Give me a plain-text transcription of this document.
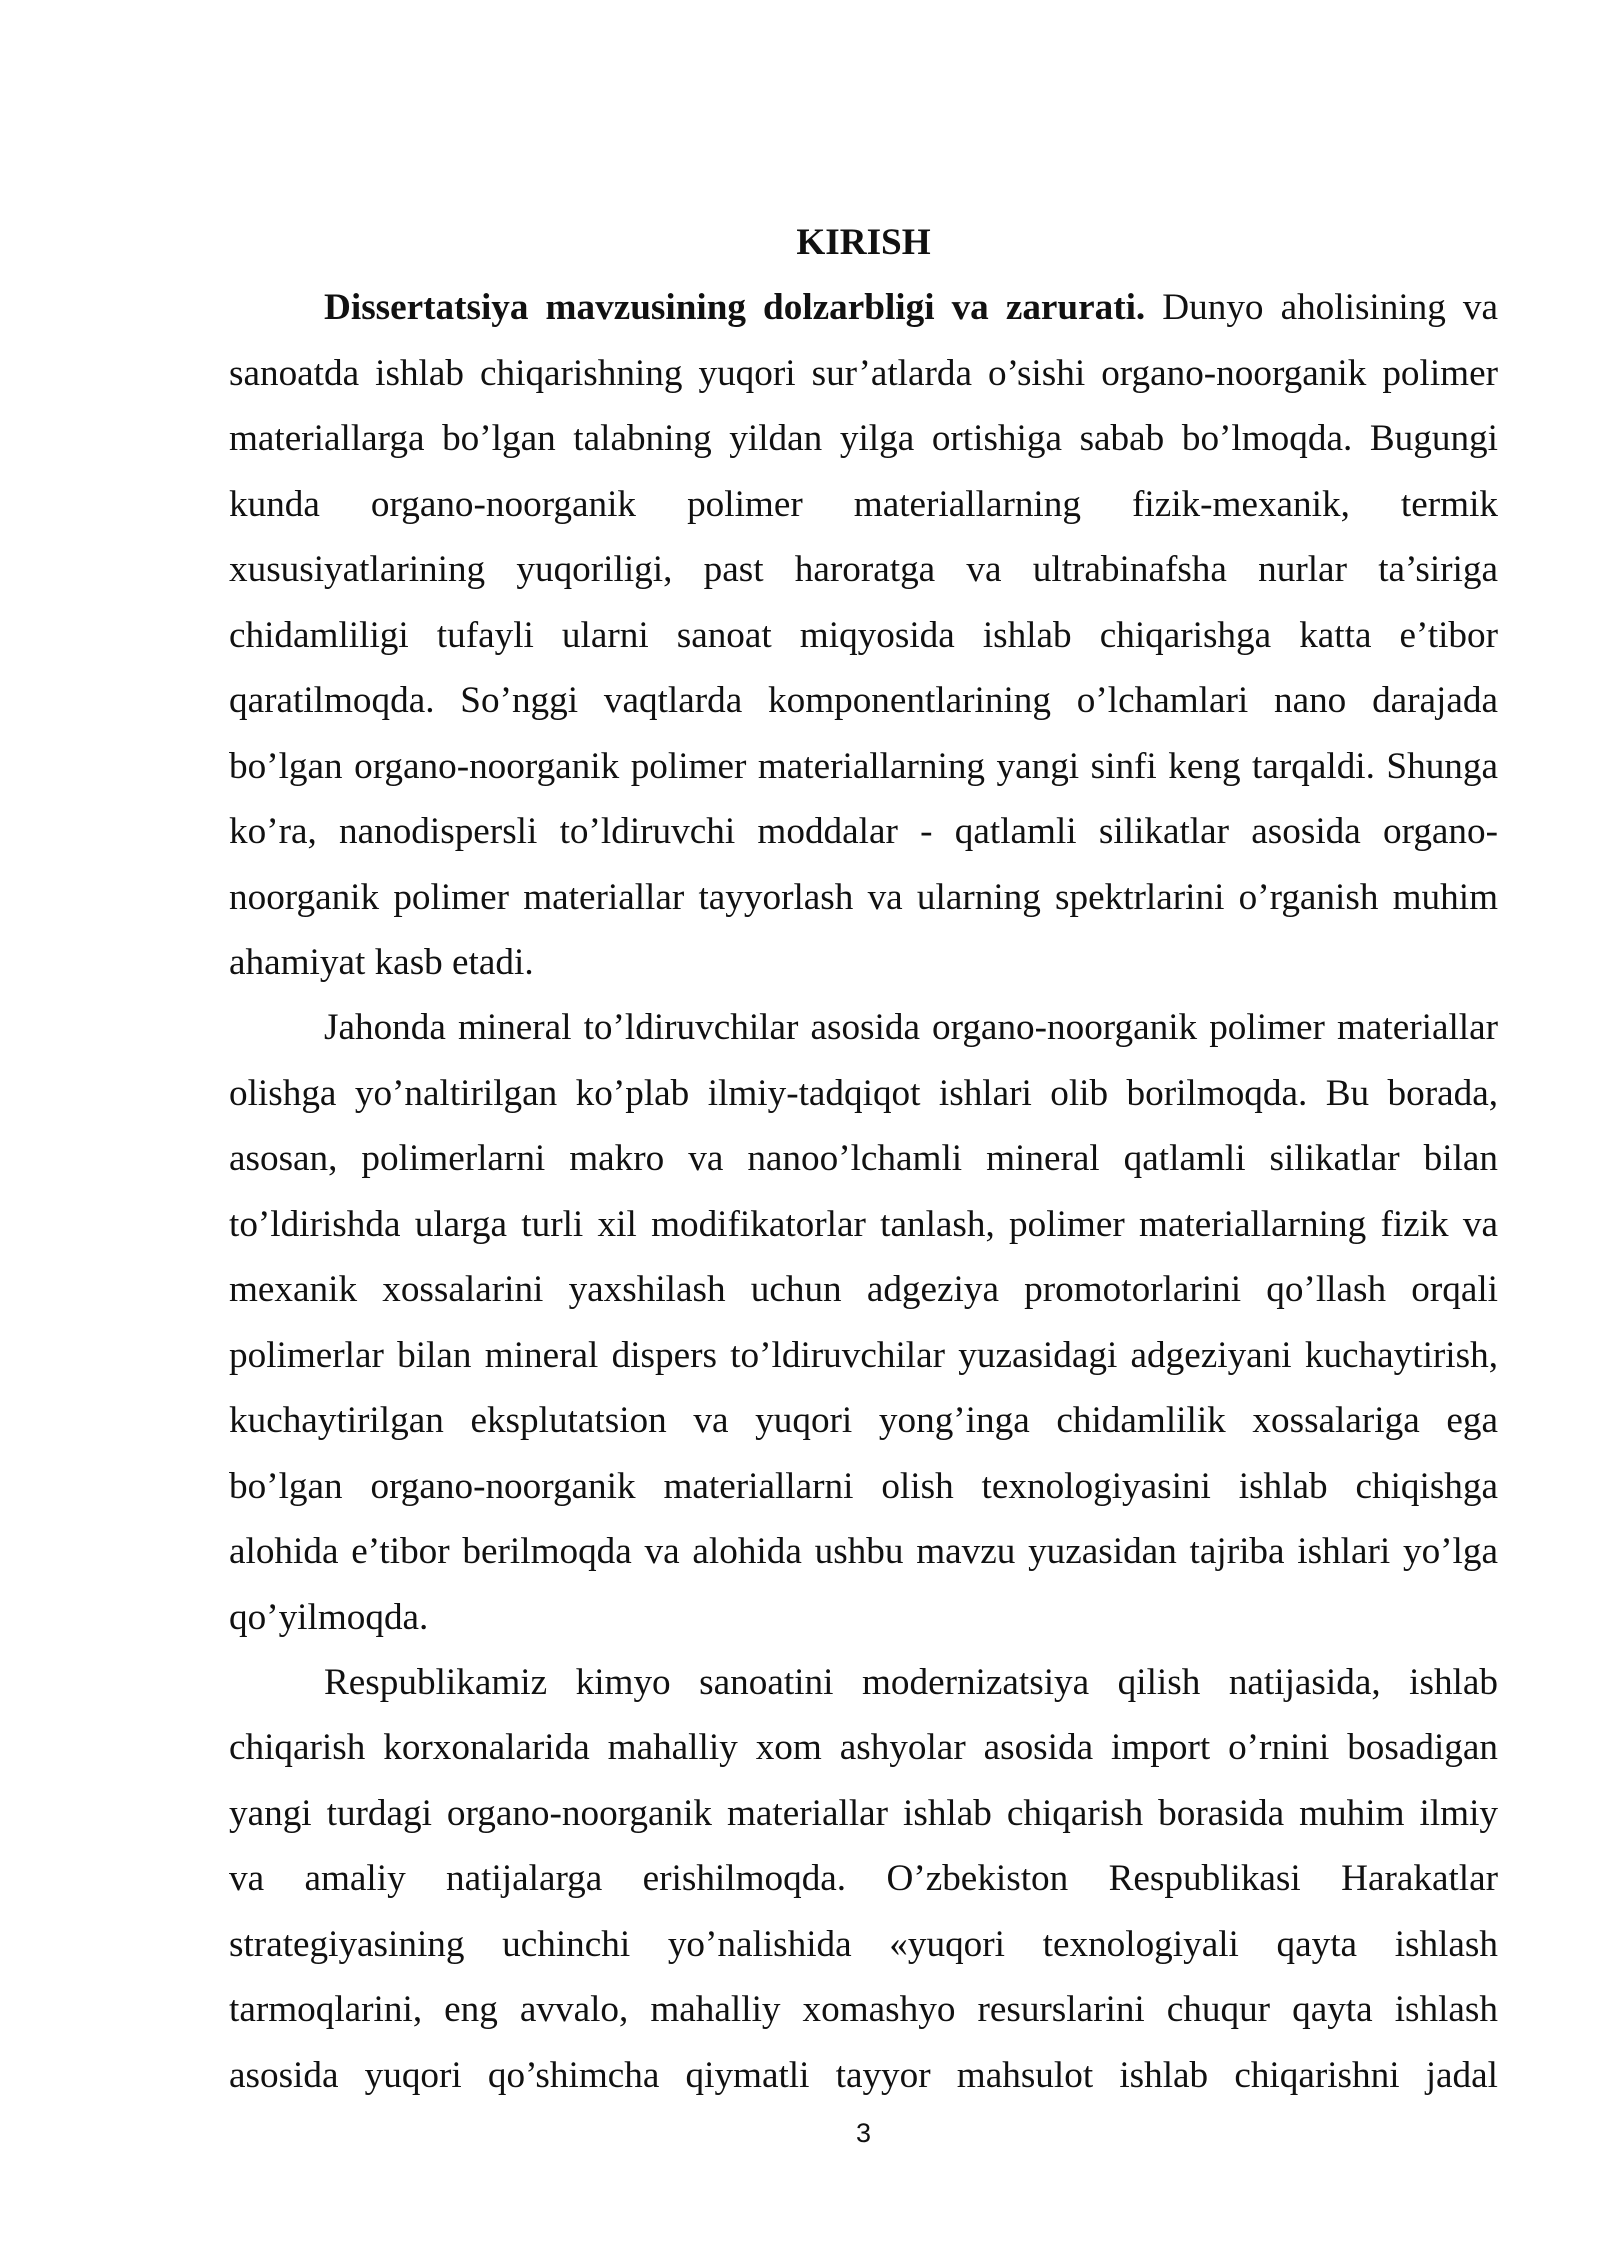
KIRISH
Dissertatsiya mavzusining dolzarbligi va zarurati. Dunyo aholisining va
sanoatda ishlab chiqarishning yuqori sur’atlarda o’sishi organo-noorganik polimer
materiallarga bo’lgan talabning yildan yilga ortishiga sabab bo’lmoqda. Bugungi
kunda organo-noorganik polimer materiallarning fizik-mexanik, termik
xususiyatlarining yuqoriligi, past haroratga va ultrabinafsha nurlar ta’siriga
chidamliligi tufayli ularni sanoat miqyosida ishlab chiqarishga katta e’tibor
qaratilmoqda. So’nggi vaqtlarda komponentlarining o’lchamlari nano darajada
bo’lgan organo-noorganik polimer materiallarning yangi sinfi keng tarqaldi. Shunga
ko’ra, nanodispersli to’ldiruvchi moddalar - qatlamli silikatlar asosida organo-
noorganik polimer materiallar tayyorlash va ularning spektrlarini o’rganish muhim
ahamiyat kasb etadi.
Jahonda mineral to’ldiruvchilar asosida organo-noorganik polimer materiallar
olishga yo’naltirilgan ko’plab ilmiy-tadqiqot ishlari olib borilmoqda. Bu borada,
asosan, polimerlarni makro va nanoo’lchamli mineral qatlamli silikatlar bilan
to’ldirishda ularga turli xil modifikatorlar tanlash, polimer materiallarning fizik va
mexanik xossalarini yaxshilash uchun adgeziya promotorlarini qo’llash orqali
polimerlar bilan mineral dispers to’ldiruvchilar yuzasidagi adgeziyani kuchaytirish,
kuchaytirilgan eksplutatsion va yuqori yong’inga chidamlilik xossalariga ega
bo’lgan organo-noorganik materiallarni olish texnologiyasini ishlab chiqishga
alohida e’tibor berilmoqda va alohida ushbu mavzu yuzasidan tajriba ishlari yo’lga
qo’yilmoqda.
Respublikamiz kimyo sanoatini modernizatsiya qilish natijasida, ishlab
chiqarish korxonalarida mahalliy xom ashyolar asosida import o’rnini bosadigan
yangi turdagi organo-noorganik materiallar ishlab chiqarish borasida muhim ilmiy
va amaliy natijalarga erishilmoqda. O’zbekiston Respublikasi Harakatlar
strategiyasining uchinchi yo’nalishida «yuqori texnologiyali qayta ishlash
tarmoqlarini, eng avvalo, mahalliy xomashyo resurslarini chuqur qayta ishlash
asosida yuqori qo’shimcha qiymatli tayyor mahsulot ishlab chiqarishni jadal
3
